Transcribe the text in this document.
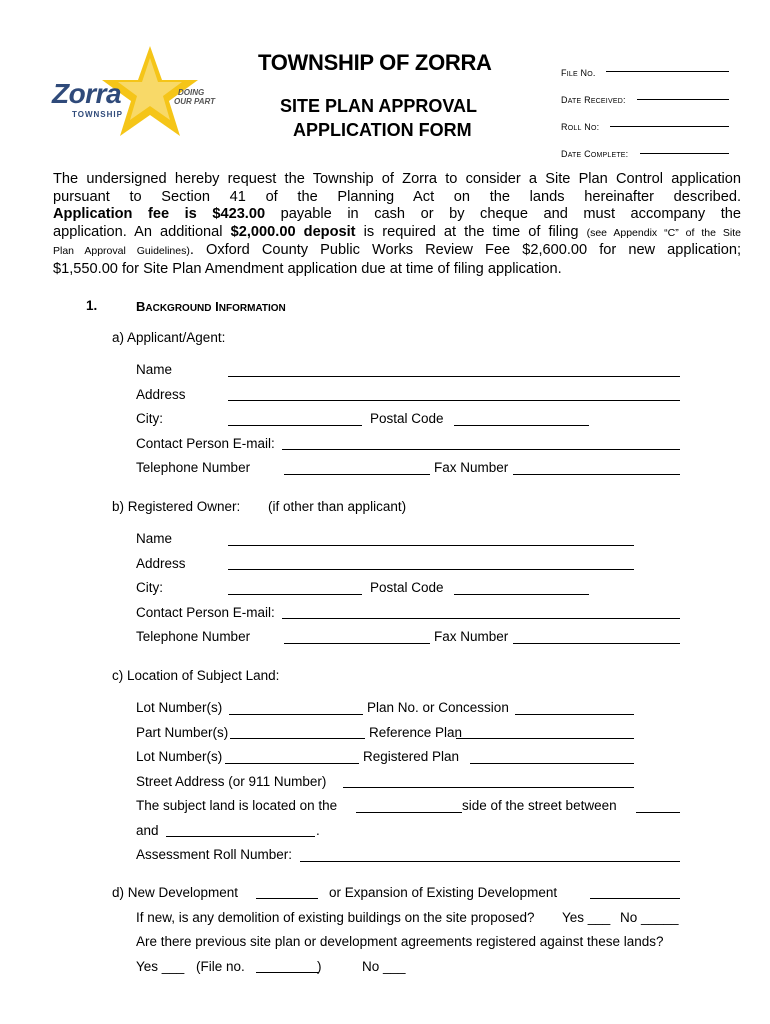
Zorra
TOWNSHIP
DOING
OUR PART
TOWNSHIP OF ZORRA
SITE PLAN APPROVAL
APPLICATION FORM
FILE NO.
DATE RECEIVED:
ROLL NO:
DATE COMPLETE:

The undersigned hereby request the Township of Zorra to consider a Site Plan Control application

pursuant to Section 41 of the Planning Act on the lands hereinafter described.

Application fee is $423.00 payable in cash or by cheque and must accompany the

application. An additional $2,000.00 deposit is required at the time of filing (see Appendix “C” of the Site

Plan Approval Guidelines). Oxford County Public Works Review Fee $2,600.00 for new application;

$1,550.00 for Site Plan Amendment application due at time of filing application.

1.	BACKGROUND INFORMATION
a) Applicant/Agent:
Name
Address
City:	Postal Code
Contact Person E-mail:
Telephone Number	Fax Number
b) Registered Owner: (if other than applicant)
Name
Address
City:	Postal Code
Contact Person E-mail:
Telephone Number	Fax Number
c) Location of Subject Land:
Lot Number(s)	Plan No. or Concession
Part Number(s)	Reference Plan
Lot Number(s)	Registered Plan
Street Address (or 911 Number)
The subject land is located on the	side of the street between
and	.
Assessment Roll Number:
d) New Development	or Expansion of Existing Development
If new, is any demolition of existing buildings on the site proposed? Yes ___ No _____
Are there previous site plan or development agreements registered against these lands?
Yes ___ (File no.	)	No ___
